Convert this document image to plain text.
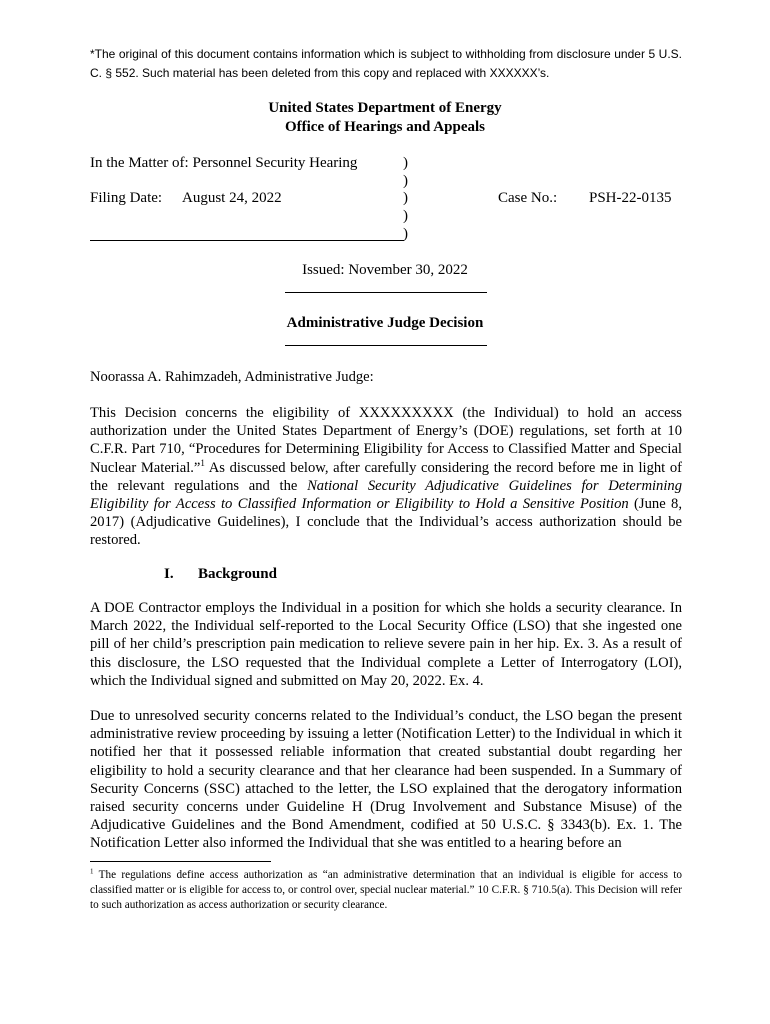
*The original of this document contains information which is subject to withholding from disclosure under 5 U.S. C. § 552. Such material has been deleted from this copy and replaced with XXXXXX’s.
United States Department of Energy
Office of Hearings and Appeals
In the Matter of: Personnel Security Hearing	)
)
Filing Date: August 24, 2022	)	Case No.: PSH-22-0135
)
)
Issued: November 30, 2022
Administrative Judge Decision
Noorassa A. Rahimzadeh, Administrative Judge:
This Decision concerns the eligibility of XXXXXXXXX (the Individual) to hold an access authorization under the United States Department of Energy’s (DOE) regulations, set forth at 10 C.F.R. Part 710, “Procedures for Determining Eligibility for Access to Classified Matter and Special Nuclear Material.”$^1$ As discussed below, after carefully considering the record before me in light of the relevant regulations and the National Security Adjudicative Guidelines for Determining Eligibility for Access to Classified Information or Eligibility to Hold a Sensitive Position (June 8, 2017) (Adjudicative Guidelines), I conclude that the Individual’s access authorization should be restored.
I. Background
A DOE Contractor employs the Individual in a position for which she holds a security clearance. In March 2022, the Individual self-reported to the Local Security Office (LSO) that she ingested one pill of her child’s prescription pain medication to relieve severe pain in her hip. Ex. 3. As a result of this disclosure, the LSO requested that the Individual complete a Letter of Interrogatory (LOI), which the Individual signed and submitted on May 20, 2022. Ex. 4.
Due to unresolved security concerns related to the Individual’s conduct, the LSO began the present administrative review proceeding by issuing a letter (Notification Letter) to the Individual in which it notified her that it possessed reliable information that created substantial doubt regarding her eligibility to hold a security clearance and that her clearance had been suspended. In a Summary of Security Concerns (SSC) attached to the letter, the LSO explained that the derogatory information raised security concerns under Guideline H (Drug Involvement and Substance Misuse) of the Adjudicative Guidelines and the Bond Amendment, codified at 50 U.S.C. § 3343(b). Ex. 1. The Notification Letter also informed the Individual that she was entitled to a hearing before an
$^1$ The regulations define access authorization as “an administrative determination that an individual is eligible for access to classified matter or is eligible for access to, or control over, special nuclear material.” 10 C.F.R. § 710.5(a). This Decision will refer to such authorization as access authorization or security clearance.
